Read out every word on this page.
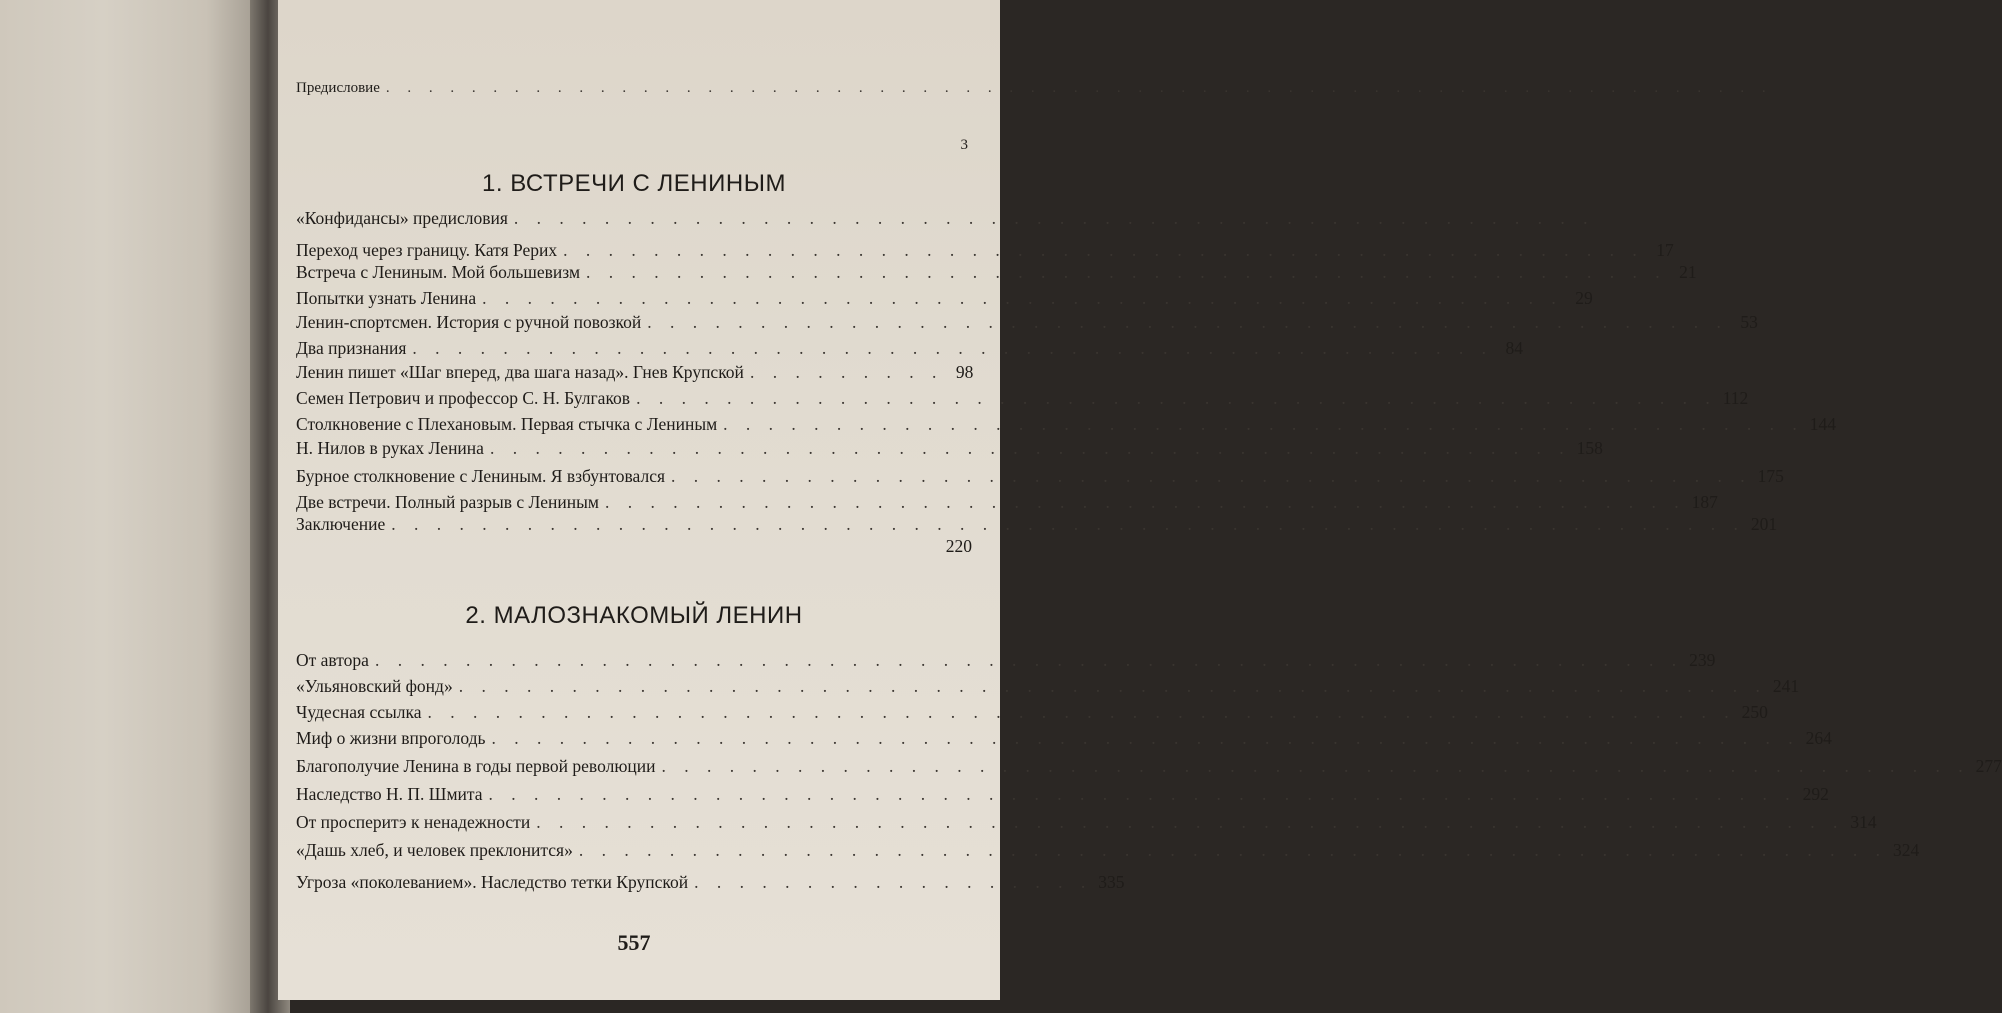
Предисловие . . . . . . . . . . . . . . . . . . . . . . . . . . . . . . . . . . . . . . . . . . . . . . . . . . . . . . . . . . . . . . . . .
3
1. ВСТРЕЧИ С ЛЕНИНЫМ
«Конфидансы» предисловия . . . . . . . . . . . . . . . . . . . . . . . . . . . . . . . . . . . . . . . . . . . . . . . .
Переход через границу. Катя Рерих . . . . . . . . . . . . . . . . . . . . . . . . . . . . . . . . . . . . . . . . . . . . . . . . 17
Встреча с Лениным. Мой большевизм . . . . . . . . . . . . . . . . . . . . . . . . . . . . . . . . . . . . . . . . . . . . . . . . 21
Попытки узнать Ленина . . . . . . . . . . . . . . . . . . . . . . . . . . . . . . . . . . . . . . . . . . . . . . . . 29
Ленин-спортсмен. История с ручной повозкой . . . . . . . . . . . . . . . . . . . . . . . . . . . . . . . . . . . . . . . . . . . . . . . . 53
Два признания . . . . . . . . . . . . . . . . . . . . . . . . . . . . . . . . . . . . . . . . . . . . . . . . 84
Ленин пишет «Шаг вперед, два шага назад». Гнев Крупской . . . . . . . . . 98
Семен Петрович и профессор С. Н. Булгаков . . . . . . . . . . . . . . . . . . . . . . . . . . . . . . . . . . . . . . . . . . . . . . . . 112
Столкновение с Плехановым. Первая стычка с Лениным . . . . . . . . . . . . . . . . . . . . . . . . . . . . . . . . . . . . . . . . . . . . . . . . 144
Н. Нилов в руках Ленина . . . . . . . . . . . . . . . . . . . . . . . . . . . . . . . . . . . . . . . . . . . . . . . . 158
Бурное столкновение с Лениным. Я взбунтовался . . . . . . . . . . . . . . . . . . . . . . . . . . . . . . . . . . . . . . . . . . . . . . . . 175
Две встречи. Полный разрыв с Лениным . . . . . . . . . . . . . . . . . . . . . . . . . . . . . . . . . . . . . . . . . . . . . . . . 187
Заключение . . . . . . . . . . . . . . . . . . . . . . . . . . . . . . . . . . . . . . . . . . . . . . . . . . . . . . . . . . . . 201
220
2. МАЛОЗНАКОМЫЙ ЛЕНИН
От автора . . . . . . . . . . . . . . . . . . . . . . . . . . . . . . . . . . . . . . . . . . . . . . . . . . . . . . . . . . 239
«Ульяновский фонд» . . . . . . . . . . . . . . . . . . . . . . . . . . . . . . . . . . . . . . . . . . . . . . . . . . . . . . . . . . 241
Чудесная ссылка . . . . . . . . . . . . . . . . . . . . . . . . . . . . . . . . . . . . . . . . . . . . . . . . . . . . . . . . . . 250
Миф о жизни впроголодь . . . . . . . . . . . . . . . . . . . . . . . . . . . . . . . . . . . . . . . . . . . . . . . . . . . . . . . . . . 264
Благополучие Ленина в годы первой революции . . . . . . . . . . . . . . . . . . . . . . . . . . . . . . . . . . . . . . . . . . . . . . . . . . . . . . . . . . 277
Наследство Н. П. Шмита . . . . . . . . . . . . . . . . . . . . . . . . . . . . . . . . . . . . . . . . . . . . . . . . . . . . . . . . . . 292
От просперитэ к ненадежности . . . . . . . . . . . . . . . . . . . . . . . . . . . . . . . . . . . . . . . . . . . . . . . . . . . . . . . . . . 314
«Дашь хлеб, и человек преклонится» . . . . . . . . . . . . . . . . . . . . . . . . . . . . . . . . . . . . . . . . . . . . . . . . . . . . . . . . . . 324
Угроза «поколеванием». Наследство тетки Крупской . . . . . . . . . . . . . . . . . . 335
557
